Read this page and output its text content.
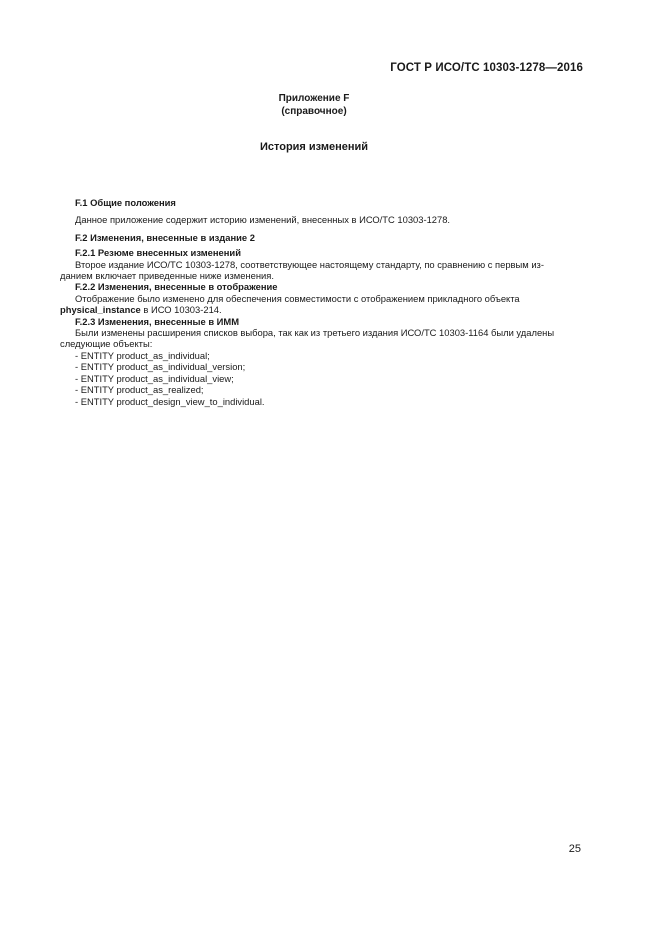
ГОСТ Р ИСО/ТС 10303-1278—2016
Приложение F
(справочное)
История изменений
F.1 Общие положения
Данное приложение содержит историю изменений, внесенных в ИСО/ТС 10303-1278.
F.2 Изменения, внесенные в издание 2
F.2.1 Резюме внесенных изменений
Второе издание ИСО/ТС 10303-1278, соответствующее настоящему стандарту, по сравнению с первым из-
данием включает приведенные ниже изменения.
F.2.2 Изменения, внесенные в отображение
Отображение было изменено для обеспечения совместимости с отображением прикладного объекта
physical_instance в ИСО 10303-214.
F.2.3 Изменения, внесенные в ИММ
Были изменены расширения списков выбора, так как из третьего издания ИСО/ТС 10303-1164 были удалены
следующие объекты:
- ENTITY product_as_individual;
- ENTITY product_as_individual_version;
- ENTITY product_as_individual_view;
- ENTITY product_as_realized;
- ENTITY product_design_view_to_individual.
25
